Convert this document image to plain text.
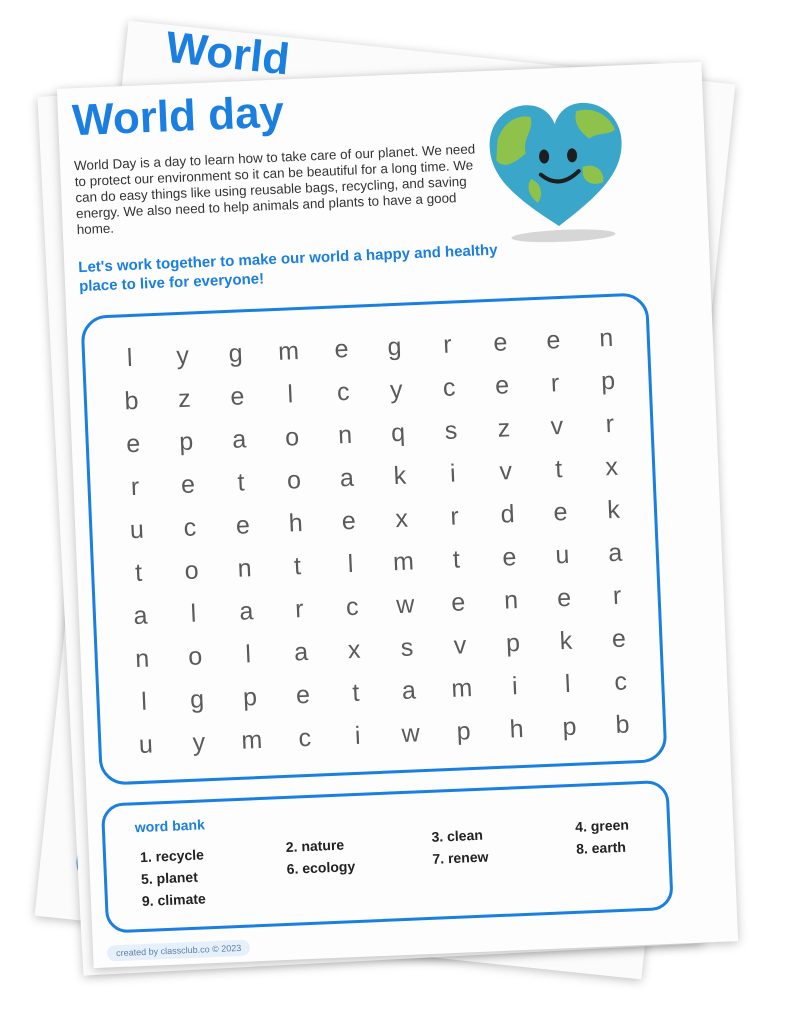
World
World day

World Day is a day to learn how to take care of our planet. We need to protect our environment so it can be beautiful for a long time. We can do easy things like using reusable bags, recycling, and saving energy. We also need to help animals and plants to have a good home.

Let's work together to make our world a happy and healthy place to live for everyone!

l	y	g	m	e	g	r	e	e	n
b	z	e	l	c	y	c	e	r	p
e	p	a	o	n	q	s	z	v	r
r	e	t	o	a	k	i	v	t	x
u	c	e	h	e	x	r	d	e	k
t	o	n	t	l	m	t	e	u	a
a	l	a	r	c	w	e	n	e	r
n	o	l	a	x	s	v	p	k	e
l	g	p	e	t	a	m	i	l	c
u	y	m	c	i	w	p	h	p	b
word bank
1. recycle
2. nature
3. clean
4. green
5. planet
6. ecology
7. renew
8. earth
9. climate
created by classclub.co © 2023
